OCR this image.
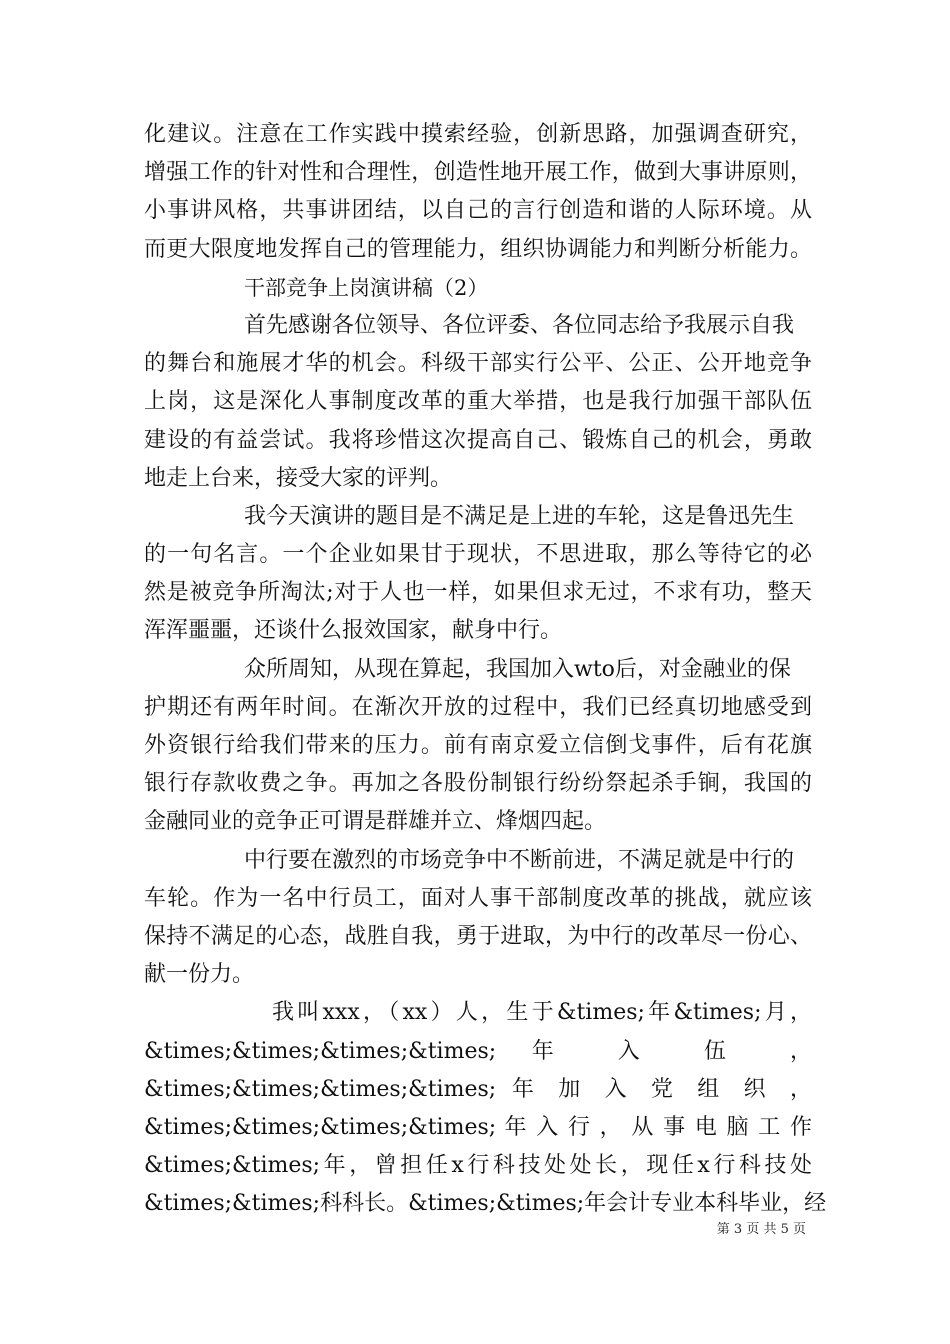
化建议。注意在工作实践中摸索经验，创新思路，加强调查研究，
增强工作的针对性和合理性，创造性地开展工作，做到大事讲原则，
小事讲风格，共事讲团结，以自己的言行创造和谐的人际环境。从
而更大限度地发挥自己的管理能力，组织协调能力和判断分析能力。
干部竞争上岗演讲稿（2）
首先感谢各位领导、各位评委、各位同志给予我展示自我
的舞台和施展才华的机会。科级干部实行公平、公正、公开地竞争
上岗，这是深化人事制度改革的重大举措，也是我行加强干部队伍
建设的有益尝试。我将珍惜这次提高自己、锻炼自己的机会，勇敢
地走上台来，接受大家的评判。
我今天演讲的题目是不满足是上进的车轮，这是鲁迅先生
的一句名言。一个企业如果甘于现状，不思进取，那么等待它的必
然是被竞争所淘汰;对于人也一样，如果但求无过，不求有功，整天
浑浑噩噩，还谈什么报效国家，献身中行。
众所周知，从现在算起，我国加入wto后，对金融业的保
护期还有两年时间。在渐次开放的过程中，我们已经真切地感受到
外资银行给我们带来的压力。前有南京爱立信倒戈事件，后有花旗
银行存款收费之争。再加之各股份制银行纷纷祭起杀手锏，我国的
金融同业的竞争正可谓是群雄并立、烽烟四起。
中行要在激烈的市场竞争中不断前进，不满足就是中行的
车轮。作为一名中行员工，面对人事干部制度改革的挑战，就应该
保持不满足的心态，战胜自我，勇于进取，为中行的改革尽一份心、
献一份力。
我叫xxx，（xx）人，生于&times;年&times;月，
&times;&times;&times;&times; 年 入 伍 ，
&times;&times;&times;&times; 年 加 入 党 组 织 ，
&times;&times;&times;&times; 年 入 行 ， 从 事 电 脑 工 作
&times;&times;年，曾担任x行科技处处长，现任x行科技处
&times;&times;科科长。&times;&times;年会计专业本科毕业，经
第 3 页 共 5 页
